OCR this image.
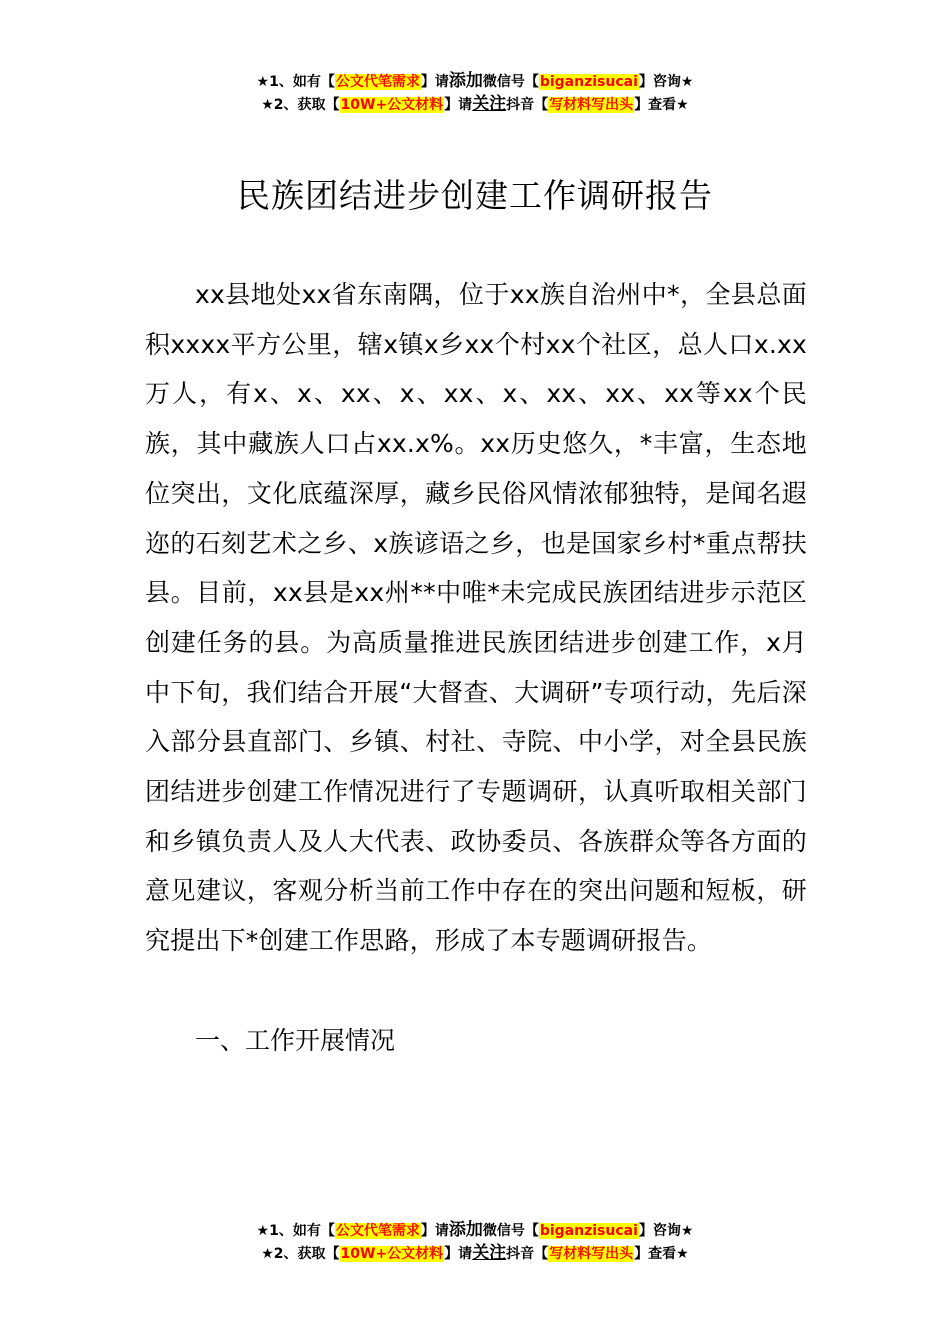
★1、如有【公文代笔需求】请添加微信号【biganzisucai】咨询★
★2、获取【10W+公文材料】请关注抖音【写材料写出头】查看★
民族团结进步创建工作调研报告

xx县地处xx省东南隅，位于xx族自治州中*，全县总面积xxxx平方公里，辖x镇x乡xx个村xx个社区，总人口x.xx万人，有x、x、xx、x、xx、x、xx、xx、xx等xx个民族，其中藏族人口占xx.x%。xx历史悠久，*丰富，生态地位突出，文化底蕴深厚，藏乡民俗风情浓郁独特，是闻名遐迩的石刻艺术之乡、x族谚语之乡，也是国家乡村*重点帮扶县。目前，xx县是xx州**中唯*未完成民族团结进步示范区创建任务的县。为高质量推进民族团结进步创建工作，x月中下旬，我们结合开展“大督查、大调研”专项行动，先后深入部分县直部门、乡镇、村社、寺院、中小学，对全县民族团结进步创建工作情况进行了专题调研，认真听取相关部门和乡镇负责人及人大代表、政协委员、各族群众等各方面的意见建议，客观分析当前工作中存在的突出问题和短板，研究提出下*创建工作思路，形成了本专题调研报告。

一、工作开展情况

★1、如有【公文代笔需求】请添加微信号【biganzisucai】咨询★
★2、获取【10W+公文材料】请关注抖音【写材料写出头】查看★
